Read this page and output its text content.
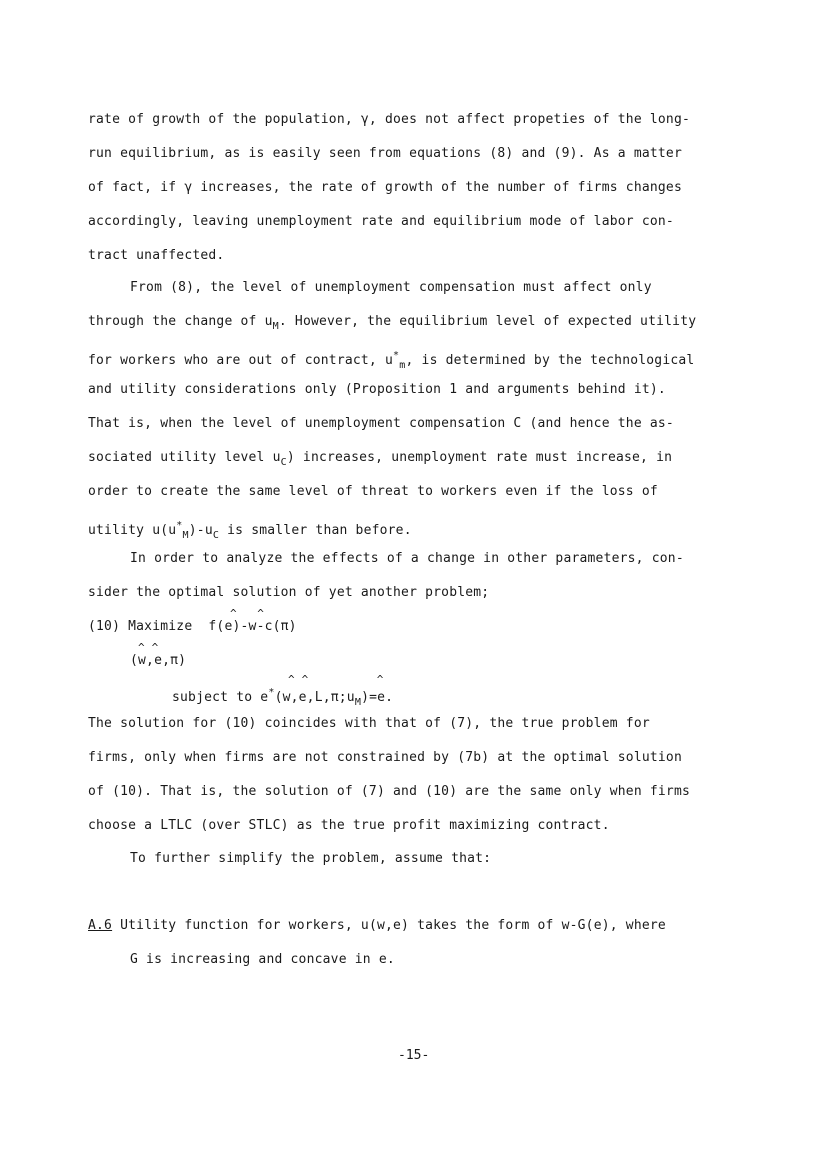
rate of growth of the population, γ, does not affect propeties of the long-
run equilibrium, as is easily seen from equations (8) and (9). As a matter
of fact, if γ increases, the rate of growth of the number of firms changes
accordingly, leaving unemployment rate and equilibrium mode of labor con-
tract unaffected.
From (8), the level of unemployment compensation must affect only
through the change of $u_M$. However, the equilibrium level of expected utility
for workers who are out of contract, $u^*_m$, is determined by the technological
and utility considerations only (Proposition 1 and arguments behind it).
That is, when the level of unemployment compensation C (and hence the as-
sociated utility level $u_C$) increases, unemployment rate must increase, in
order to create the same level of threat to workers even if the loss of
utility $u(u^*_M)-u_C$ is smaller than before.
In order to analyze the effects of a change in other parameters, con-
sider the optimal solution of yet another problem;
(10) Maximize  f(e)-w-c(π)
(w,e,π)
subject to $e^*(w,e,L,\pi;u_M)=e$.
^   ^
^ ^
^ ^          ^
The solution for (10) coincides with that of (7), the true problem for
firms, only when firms are not constrained by (7b) at the optimal solution
of (10). That is, the solution of (7) and (10) are the same only when firms
choose a LTLC (over STLC) as the true profit maximizing contract.
To further simplify the problem, assume that:
A.6 Utility function for workers, u(w,e) takes the form of w-G(e), where
G is increasing and concave in e.
-15-
